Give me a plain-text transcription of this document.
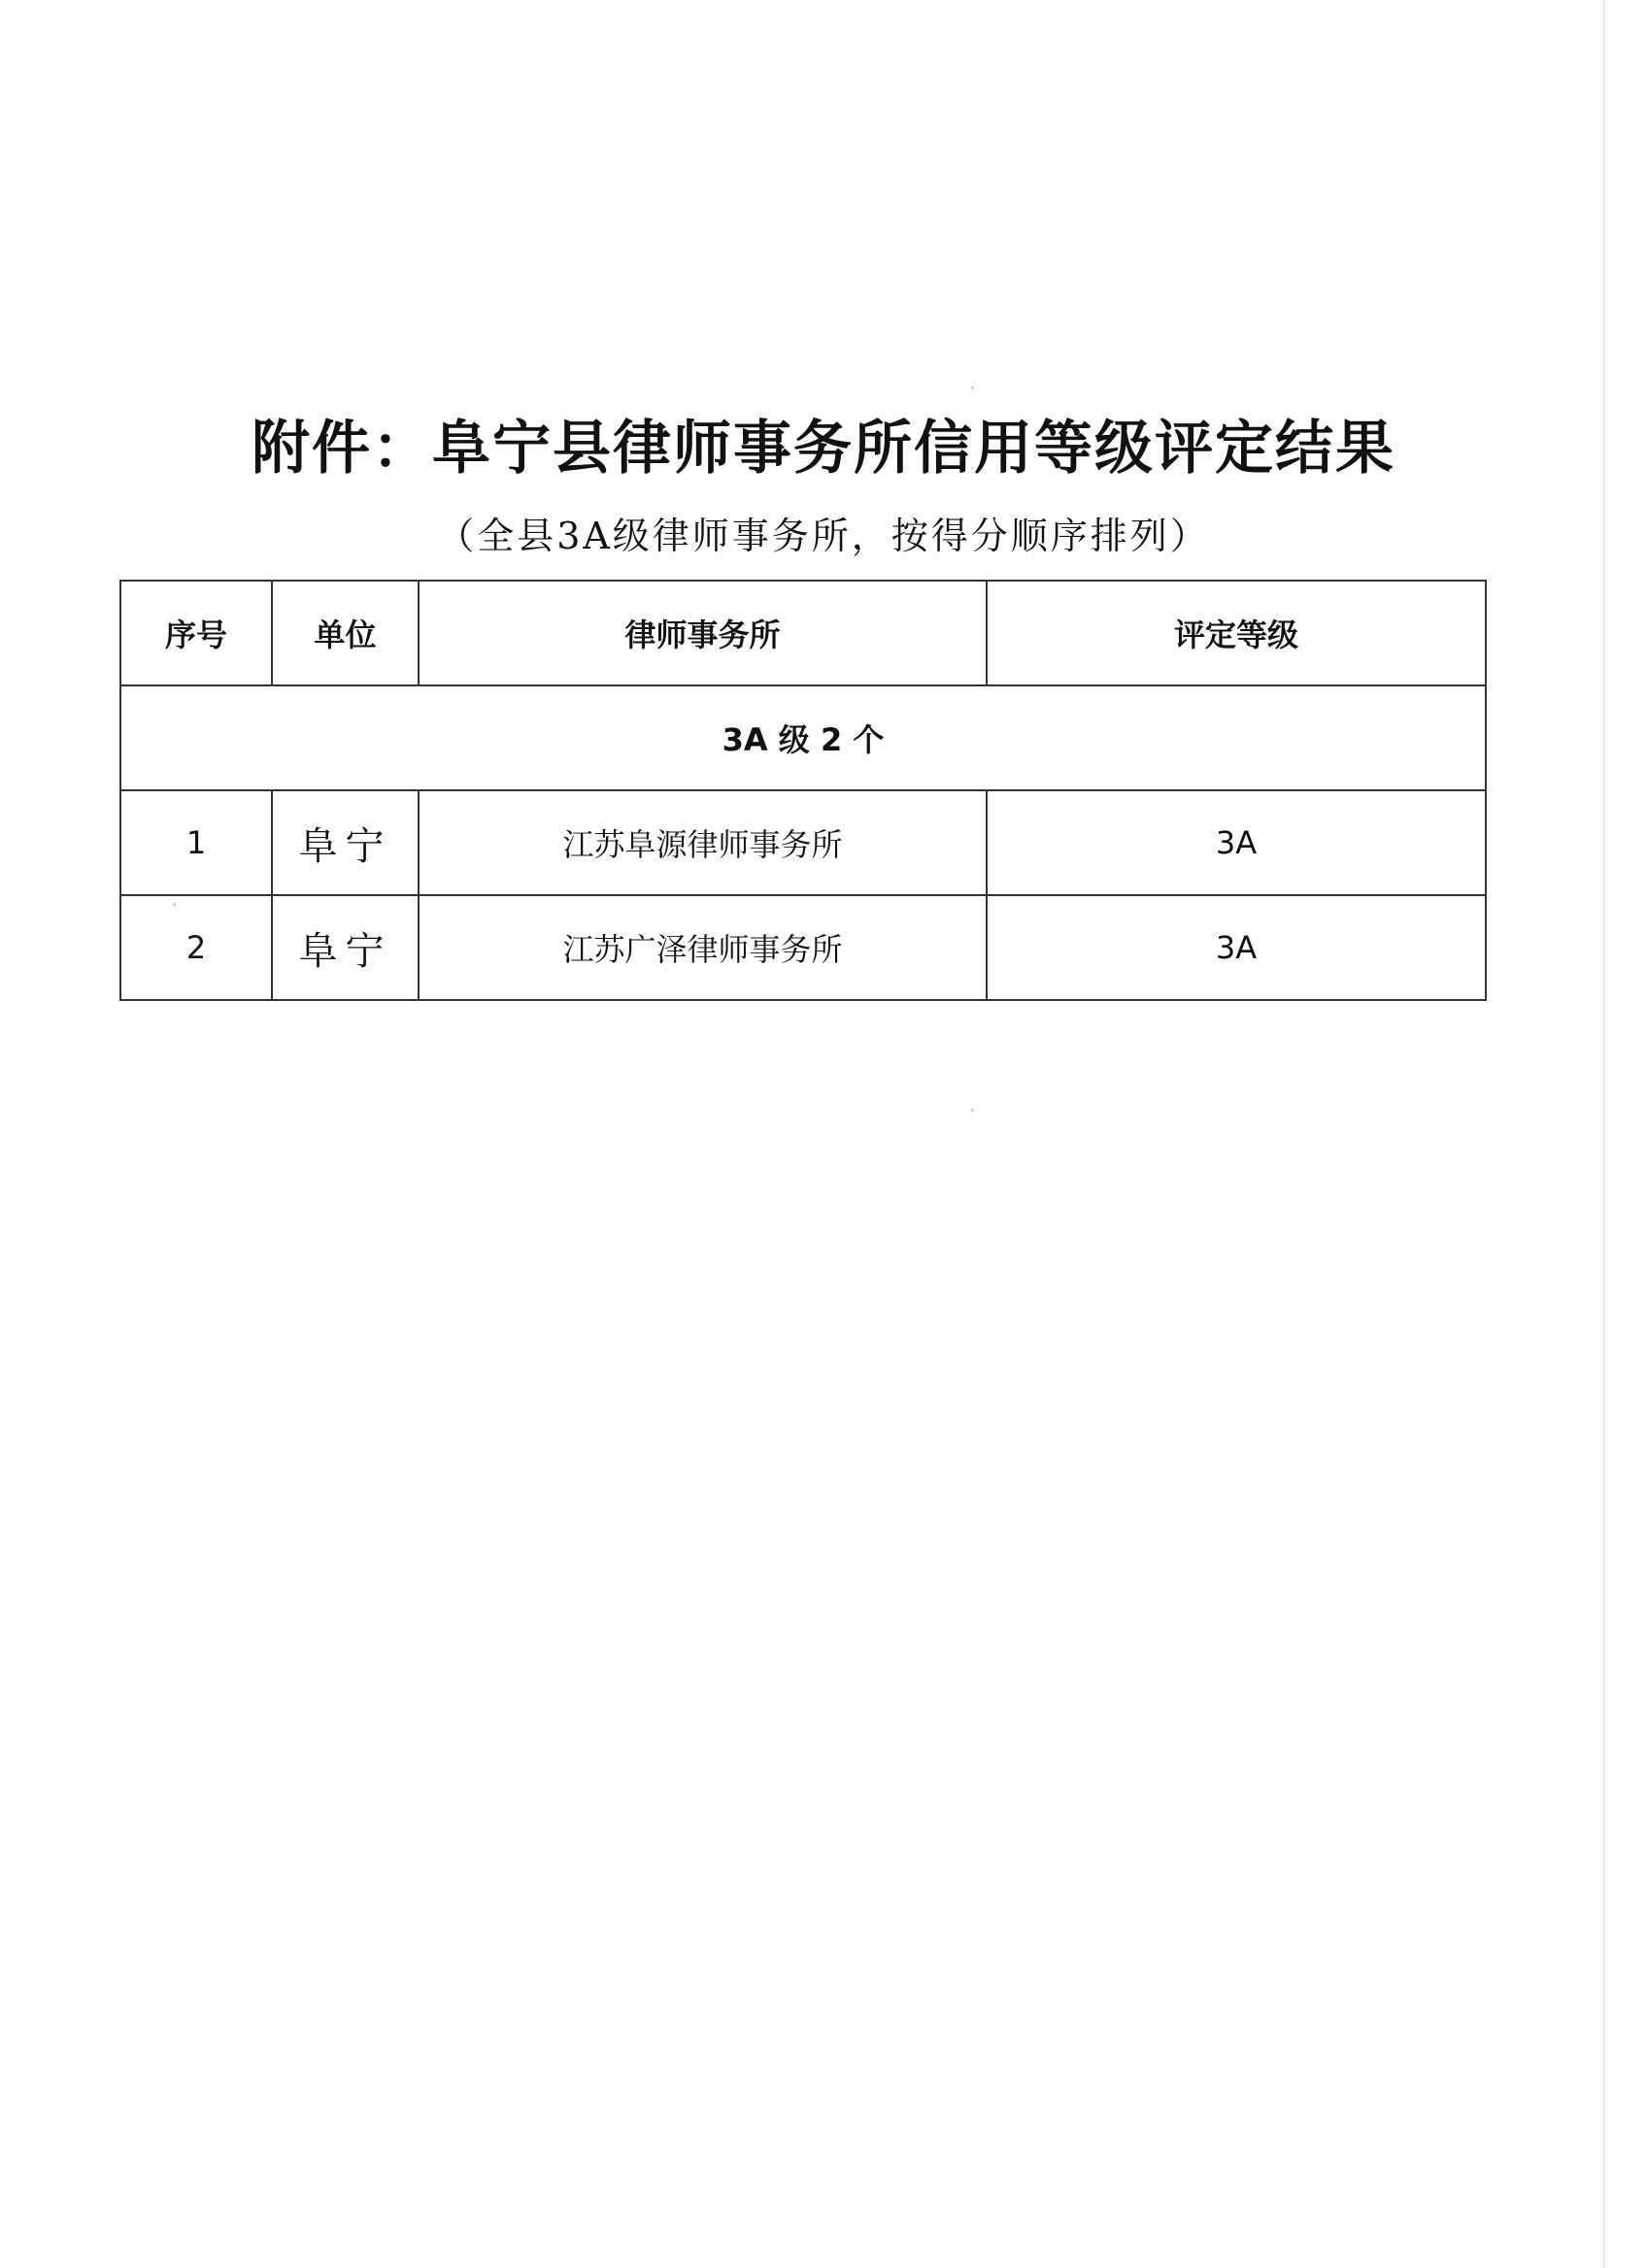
附件：阜宁县律师事务所信用等级评定结果

（全县3A级律师事务所，按得分顺序排列）

序号	单位	律师事务所	评定等级
3A 级 2 个			
1	阜宁	江苏阜源律师事务所	3A
2	阜宁	江苏广泽律师事务所	3A
